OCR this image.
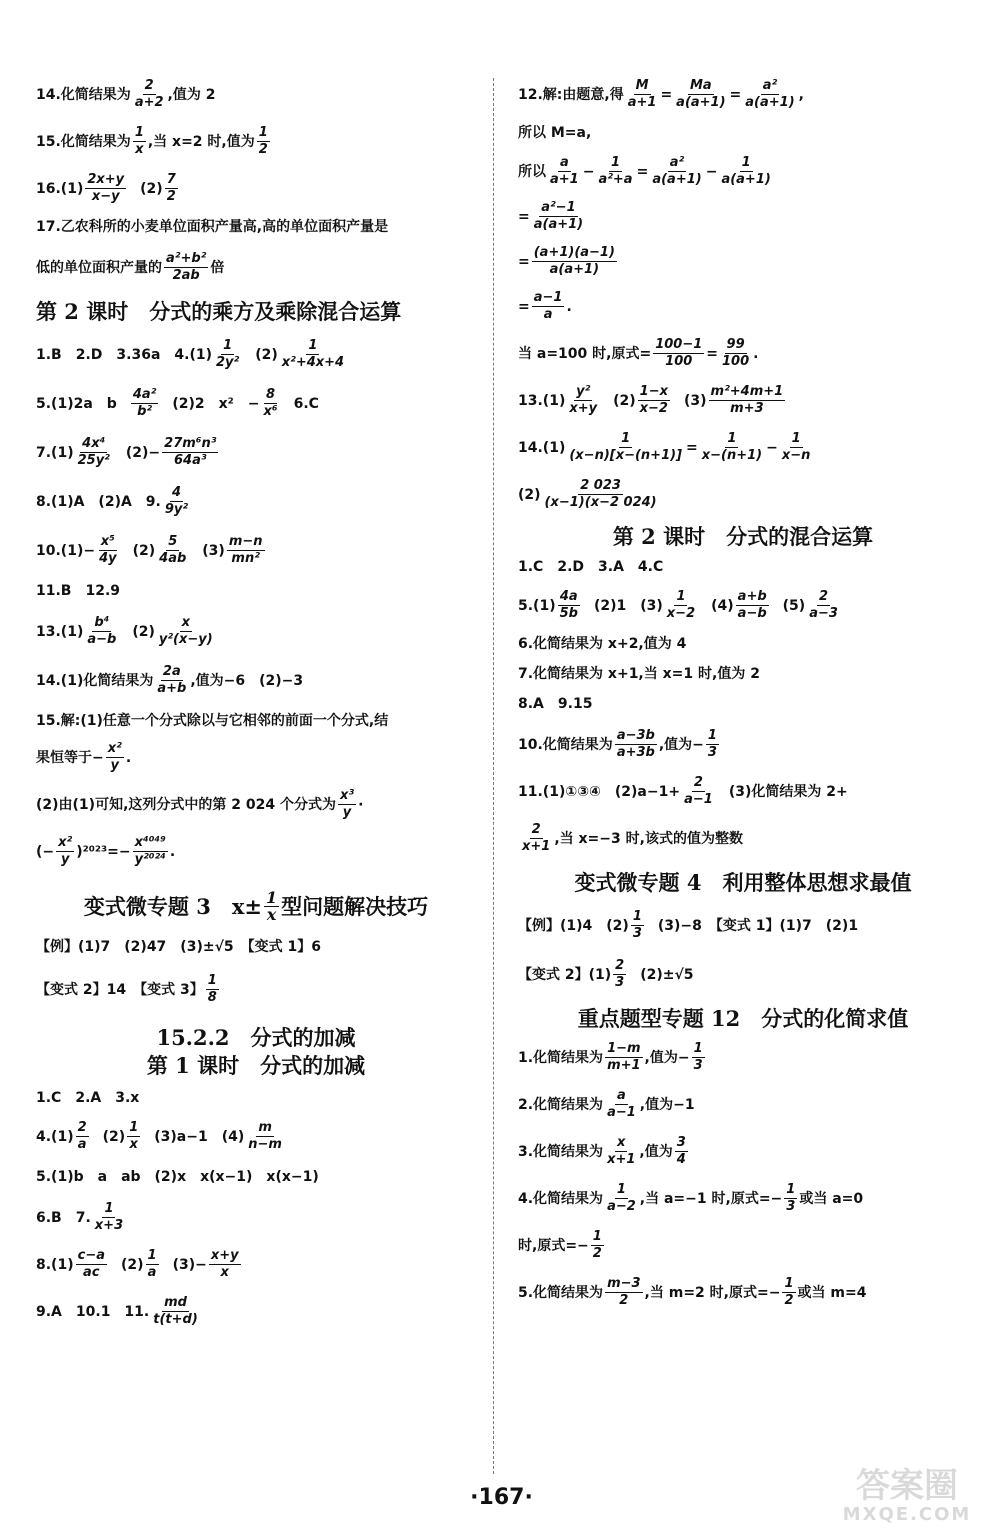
14.化简结果为
2
a+2 ,值为 2
15.化简结果为
1
x ,当 x=2 时,值为
1
2
16.(1)
2x+y
x−y (2)
7
2
17.乙农科所的小麦单位面积产量高,高的单位面积产量是
低的单位面积产量的
a²+b²
2ab 倍
第 2 课时　分式的乘方及乘除混合运算
1.B　2.D　3.36a　4.(1)
1
2y² (2)
1
x²+4x+4
5.(1)2a　b
4a²
b² (2)2　x²　− $\frac{8}{\text{x⁶}} 6.C$
7.(1)
4x⁴
25y² $(2)- \frac{\text{27m⁶n³}}{\text{64a³}}$
8.(1)A　(2)A　9.
4
9y²
$10.(1)- \frac{\text{x⁵}}{4y} (2)$
5
4ab (3)
m−n
mn²
11.B　12.9
13.(1)
b⁴
a−b (2)
x
y²(x−y)
14.(1)化简结果为
2a
a+b ,值为−6　(2)−3
15.解:(1)任意一个分式除以与它相邻的前面一个分式,结
果恒等于− $\frac{\text{x²}}{y}$ .
(2)由(1)可知,这列分式中的第 2 024 个分式为
x³
y ·
(− $\frac{\text{x²}}{y} )^{2023}=- \frac{\text{x⁴⁰⁴⁹}}{\text{y²⁰²⁴}}$ .
变式微专题 3　$x\pm \frac{1}{x}$ 型问题解决技巧
【例】(1)7　(2)47　(3)±√5　【变式 1】6
【变式 2】14　【变式 3】
1
8
15.2.2　分式的加减
第 1 课时　分式的加减
1.C　2.A　3.x
4.(1)
2
a (2)
1
x (3)a−1　(4)
m
n−m
5.(1)b　a　ab　(2)x　x(x−1)　x(x−1)
6.B　7.
1
x+3
8.(1)
c−a
ac (2)
1
a $(3)- \frac{x+y}{x}$
9.A　10.1　11.
md
t(t+d)
12.解:由题意,得 $\frac{M}{a+1} = \frac{Ma}{a(a+1)} = \frac{\text{a²}}{a(a+1)}$ ,
所以 M=a,
所以
a
$a+1 - \frac{1}{\text{a²+a}} = \frac{\text{a²}}{a(a+1)} - \frac{1}{a(a+1)}$
= $\frac{\text{a²−1}}{a(a+1)}$
= $\frac{(a+1)(a-1)}{a(a+1)}$
= $\frac{a-1}{a}$ .
当 a=100 时,原式= $\frac{100-1}{100} = \frac{99}{100}$ .
13.(1)
y²
x+y (2)
1−x
x−2 (3)
m²+4m+1
m+3
$14.(1) \frac{1}{(x-n)[x-(n+1)]} = \frac{1}{x-(n+1)} - \frac{1}{x-n}$
(2)
2 023
(x−1)(x−2 024)
第 2 课时　分式的混合运算
1.C　2.D　3.A　4.C
5.(1)
4a
5b (2)1　(3)
1
x−2 (4)
a+b
a−b (5)
2
a−3
6.化简结果为 x+2,值为 4
7.化简结果为 x+1,当 x=1 时,值为 2
8.A　9.15
10.化简结果为
a−3b
a+3b ,值为− $\frac{1}{3}$
11.(1)①③④　$(2)a-1+ \frac{2}{a-1} (3)$化简结果为 2+
2
x+1 ,当 x=−3 时,该式的值为整数
变式微专题 4　利用整体思想求最值
【例】(1)4　(2)
1
3 (3)−8　【变式 1】(1)7　(2)1
【变式 2】(1)
2
3 (2)±√5
重点题型专题 12　分式的化简求值
1.化简结果为
1−m
m+1 ,值为− $\frac{1}{3}$
2.化简结果为
a
a−1 ,值为−1
3.化简结果为
x
x+1 ,值为
3
4
4.化简结果为
1
a−2 ,当 a=−1 时,原式=− $\frac{1}{3}$ 或当 a=0
时,原式=− $\frac{1}{2}$
5.化简结果为
m−3
2 ,当 m=2 时,原式=− $\frac{1}{2}$ 或当 m=4
·167·	答案圈
MXQE.COM
